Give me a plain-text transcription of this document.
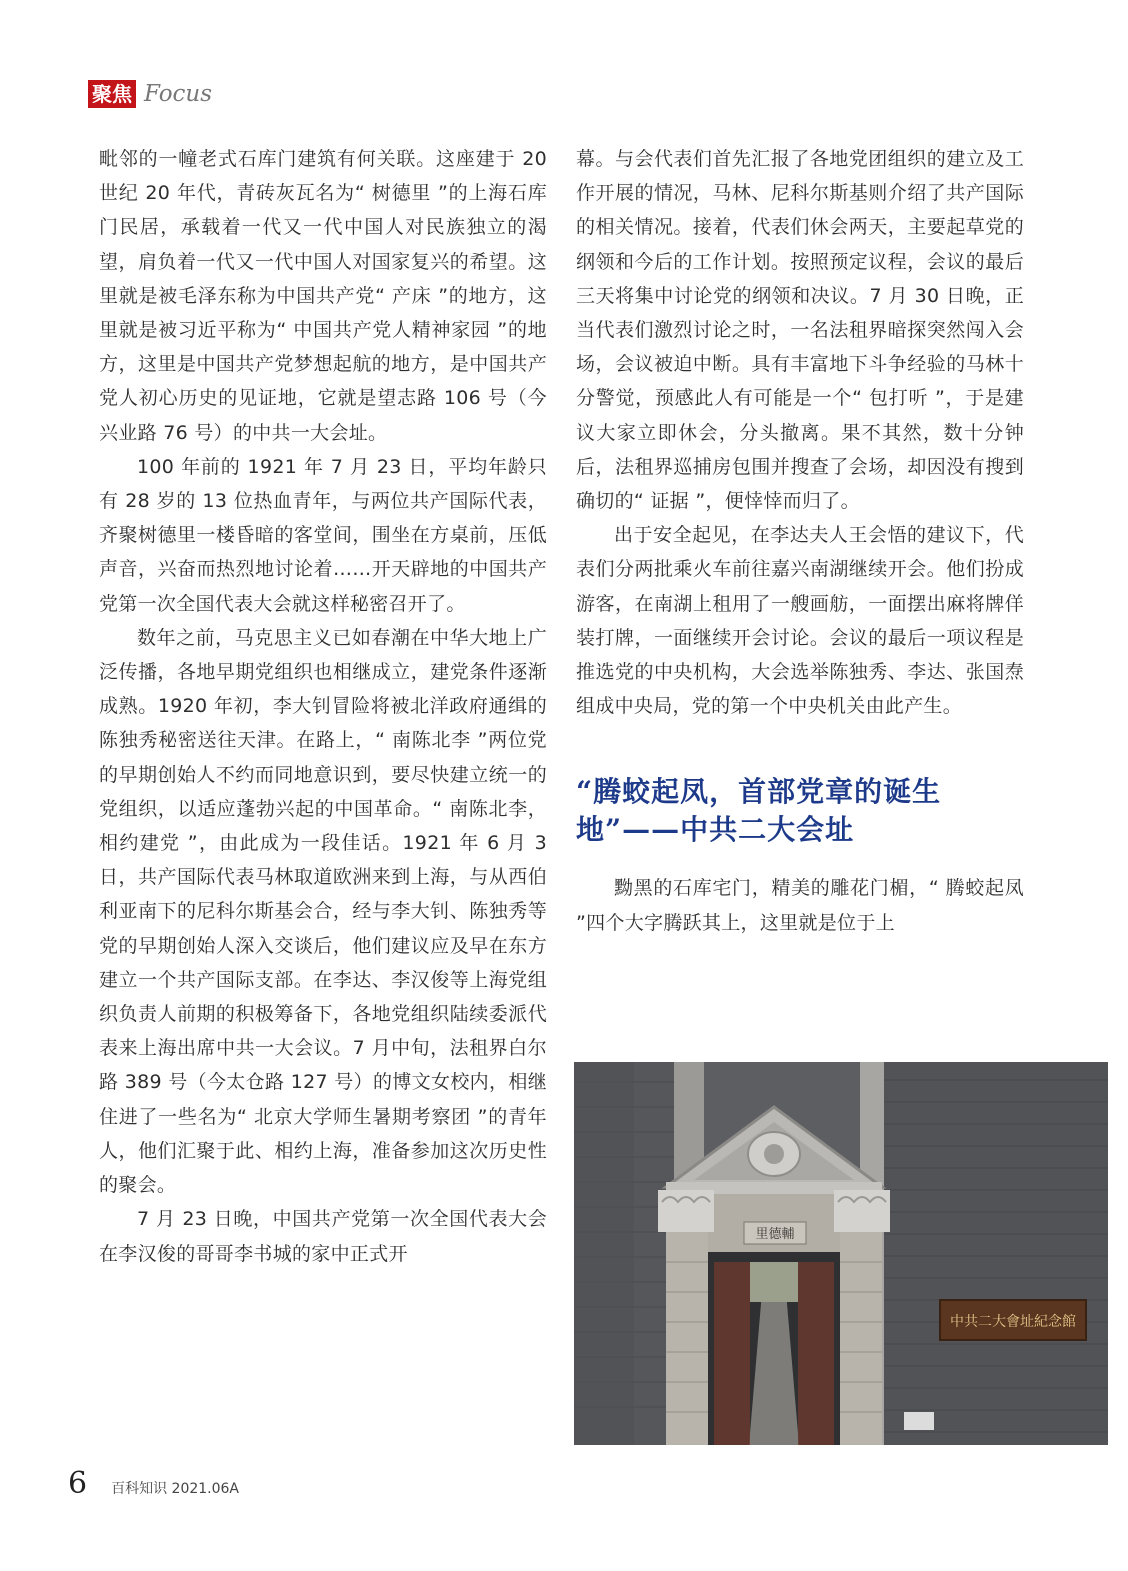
聚焦 Focus

毗邻的一幢老式石库门建筑有何关联。这座建于 20 世纪 20 年代，青砖灰瓦名为“ 树德里 ”的上海石库门民居，承载着一代又一代中国人对民族独立的渴望，肩负着一代又一代中国人对国家复兴的希望。这里就是被毛泽东称为中国共产党“ 产床 ”的地方，这里就是被习近平称为“ 中国共产党人精神家园 ”的地方，这里是中国共产党梦想起航的地方，是中国共产党人初心历史的见证地，它就是望志路 106 号（今兴业路 76 号）的中共一大会址。

100 年前的 1921 年 7 月 23 日，平均年龄只有 28 岁的 13 位热血青年，与两位共产国际代表，齐聚树德里一楼昏暗的客堂间，围坐在方桌前，压低声音，兴奋而热烈地讨论着……开天辟地的中国共产党第一次全国代表大会就这样秘密召开了。

数年之前，马克思主义已如春潮在中华大地上广泛传播，各地早期党组织也相继成立，建党条件逐渐成熟。1920 年初，李大钊冒险将被北洋政府通缉的陈独秀秘密送往天津。在路上，“ 南陈北李 ”两位党的早期创始人不约而同地意识到，要尽快建立统一的党组织，以适应蓬勃兴起的中国革命。“ 南陈北李，相约建党 ”，由此成为一段佳话。1921 年 6 月 3 日，共产国际代表马林取道欧洲来到上海，与从西伯利亚南下的尼科尔斯基会合，经与李大钊、陈独秀等党的早期创始人深入交谈后，他们建议应及早在东方建立一个共产国际支部。在李达、李汉俊等上海党组织负责人前期的积极筹备下，各地党组织陆续委派代表来上海出席中共一大会议。7 月中旬，法租界白尔路 389 号（今太仓路 127 号）的博文女校内，相继住进了一些名为“ 北京大学师生暑期考察团 ”的青年人，他们汇聚于此、相约上海，准备参加这次历史性的聚会。

7 月 23 日晚，中国共产党第一次全国代表大会在李汉俊的哥哥李书城的家中正式开

幕。与会代表们首先汇报了各地党团组织的建立及工作开展的情况，马林、尼科尔斯基则介绍了共产国际的相关情况。接着，代表们休会两天，主要起草党的纲领和今后的工作计划。按照预定议程，会议的最后三天将集中讨论党的纲领和决议。7 月 30 日晚，正当代表们激烈讨论之时，一名法租界暗探突然闯入会场，会议被迫中断。具有丰富地下斗争经验的马林十分警觉，预感此人有可能是一个“ 包打听 ”，于是建议大家立即休会，分头撤离。果不其然，数十分钟后，法租界巡捕房包围并搜查了会场，却因没有搜到确切的“ 证据 ”，便悻悻而归了。

出于安全起见，在李达夫人王会悟的建议下，代表们分两批乘火车前往嘉兴南湖继续开会。他们扮成游客，在南湖上租用了一艘画舫，一面摆出麻将牌佯装打牌，一面继续开会讨论。会议的最后一项议程是推选党的中央机构，大会选举陈独秀、李达、张国焘组成中央局，党的第一个中央机关由此产生。

“腾蛟起凤，首部党章的诞生地”——中共二大会址

黝黑的石库宅门，精美的雕花门楣，“ 腾蛟起凤 ”四个大字腾跃其上，这里就是位于上

里德輔
中共二大會址紀念館
6 百科知识 2021.06A
